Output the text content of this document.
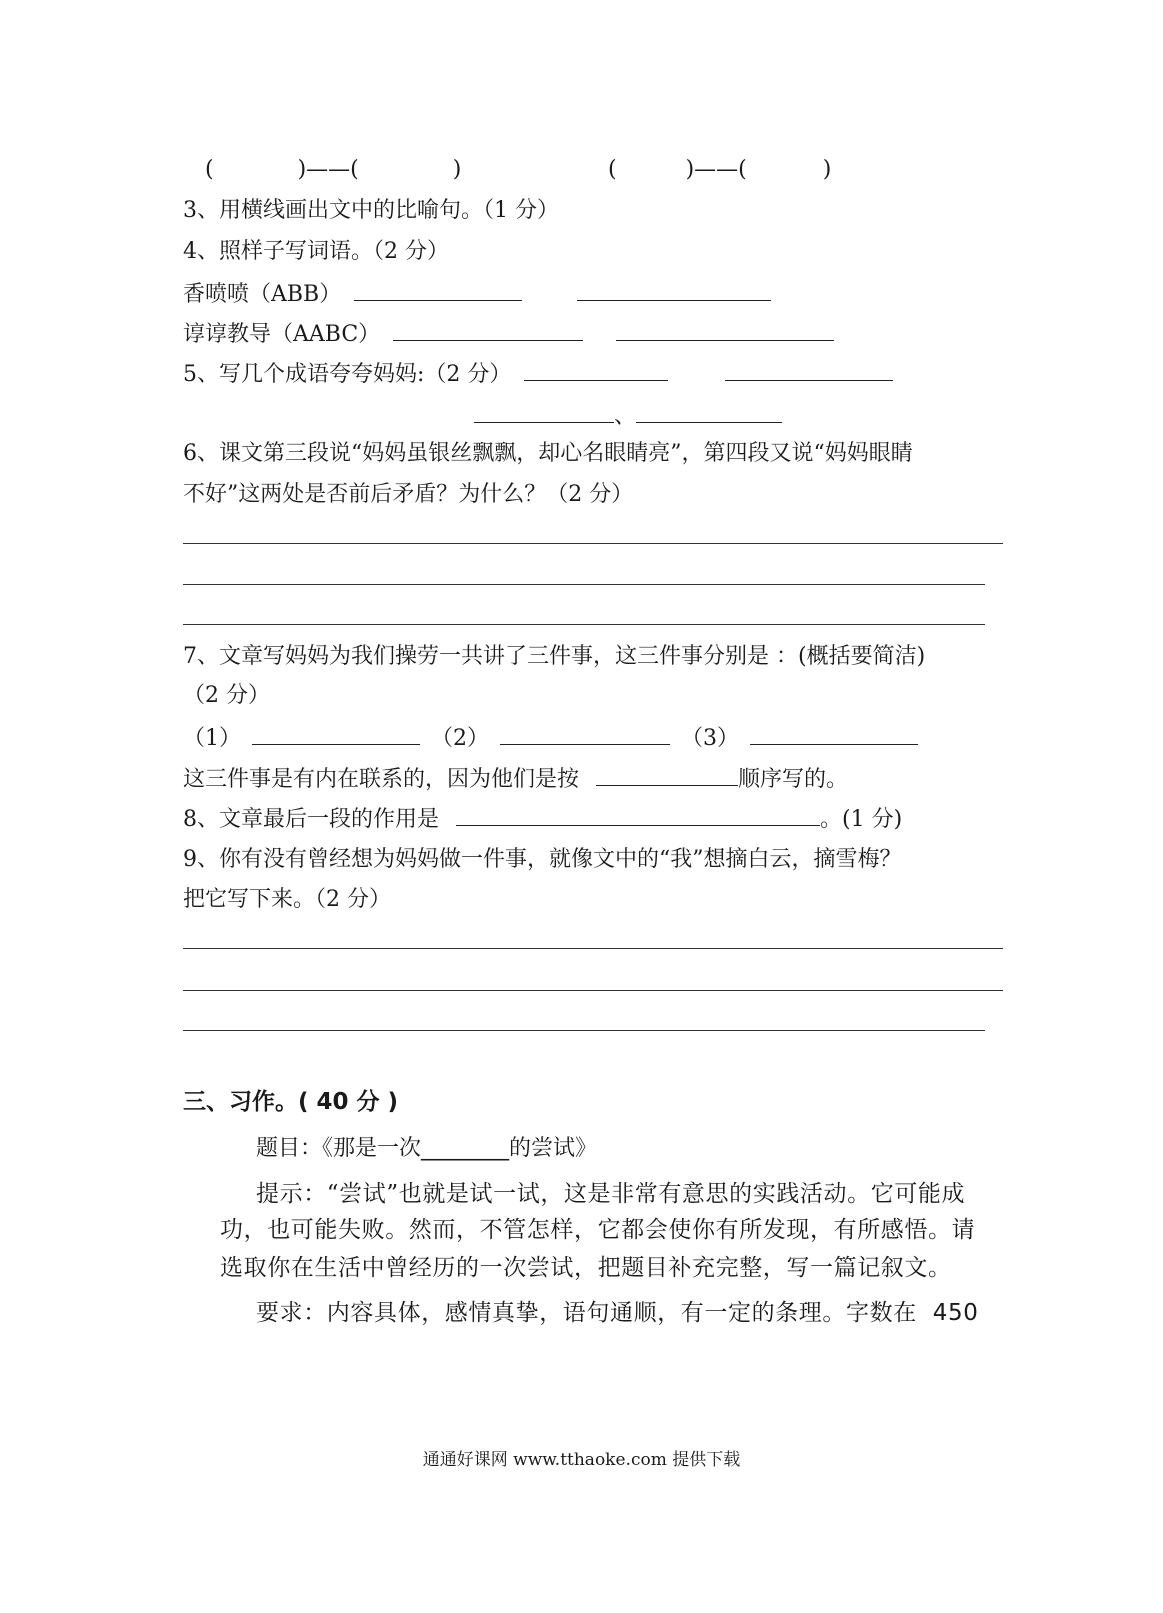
(	)——(	)	(	)——(	)
3、用横线画出文中的比喻句。（1 分）
4、照样子写词语。（2 分）
香喷喷（ABB）
谆谆教导（AABC）
5、写几个成语夸夸妈妈:（2 分）
、
6、课文第三段说“妈妈虽银丝飘飘，却心名眼睛亮”，第四段又说“妈妈眼睛
不好”这两处是否前后矛盾？为什么？（2 分）
7、文章写妈妈为我们操劳一共讲了三件事，这三件事分别是 ：(概括要简洁)
（2 分）
（1）	（2）	（3）
这三件事是有内在联系的，因为他们是按	顺序写的。
8、文章最后一段的作用是	。(1 分)
9、你有没有曾经想为妈妈做一件事，就像文中的“我”想摘白云，摘雪梅？
把它写下来。（2 分）
三、习作。( 40 分 )
题目：《那是一次________的尝试》
提示：“尝试”也就是试一试，这是非常有意思的实践活动。它可能成
功，也可能失败。然而，不管怎样，它都会使你有所发现，有所感悟。请
选取你在生活中曾经历的一次尝试，把题目补充完整，写一篇记叙文。
要求：内容具体，感情真挚，语句通顺，有一定的条理。字数在 450
通通好课网 www.tthaoke.com 提供下载
